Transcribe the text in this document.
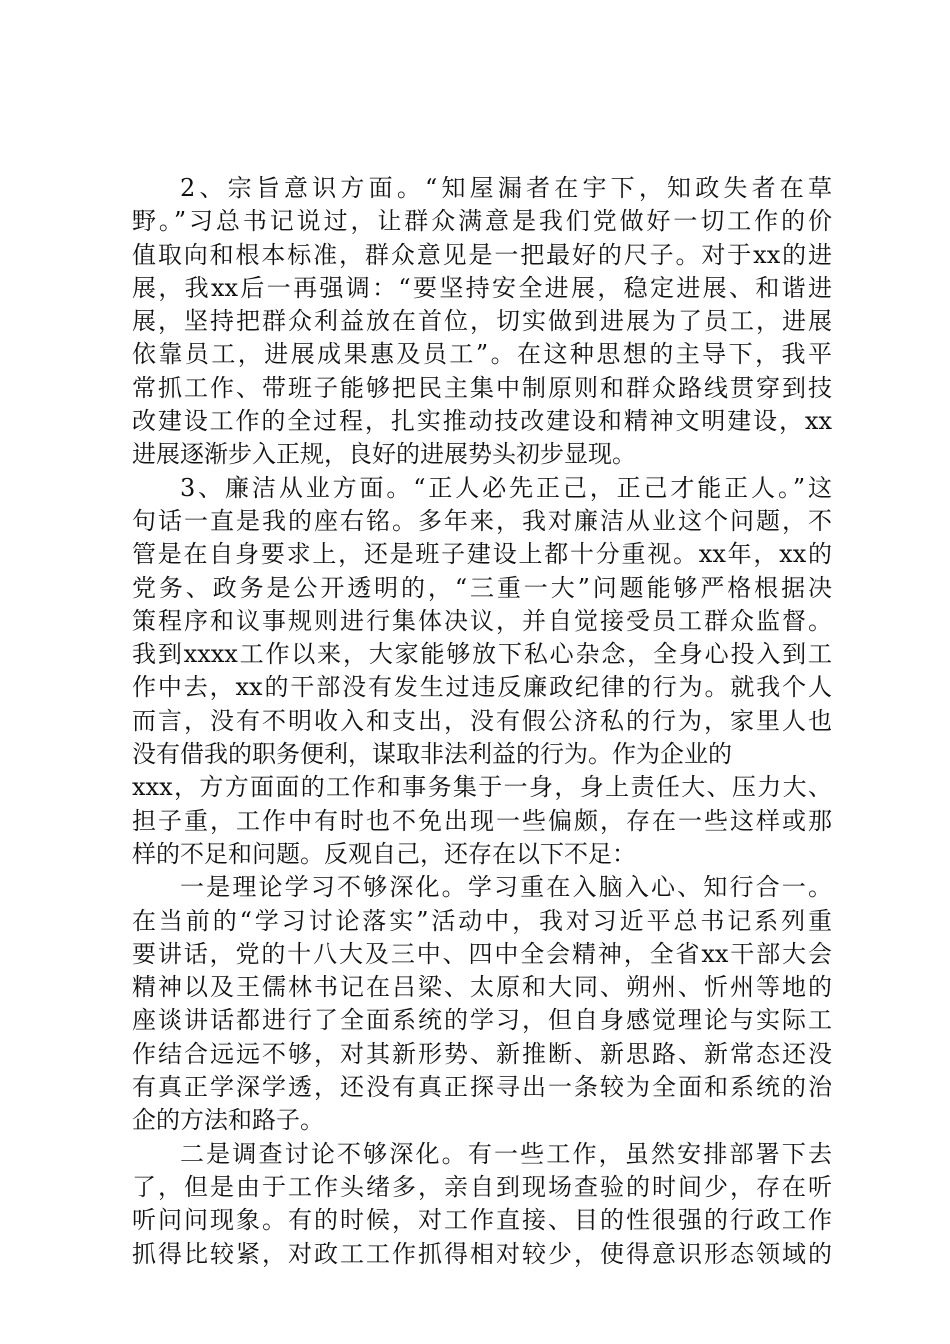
2、宗旨意识方面。“知屋漏者在宇下，知政失者在草
野。”习总书记说过，让群众满意是我们党做好一切工作的价
值取向和根本标准，群众意见是一把最好的尺子。对于xx的进
展，我xx后一再强调：“要坚持安全进展，稳定进展、和谐进
展，坚持把群众利益放在首位，切实做到进展为了员工，进展
依靠员工，进展成果惠及员工”。在这种思想的主导下，我平
常抓工作、带班子能够把民主集中制原则和群众路线贯穿到技
改建设工作的全过程，扎实推动技改建设和精神文明建设，xx
进展逐渐步入正规，良好的进展势头初步显现。
3、廉洁从业方面。“正人必先正己，正己才能正人。”这
句话一直是我的座右铭。多年来，我对廉洁从业这个问题，不
管是在自身要求上，还是班子建设上都十分重视。xx年，xx的
党务、政务是公开透明的，“三重一大”问题能够严格根据决
策程序和议事规则进行集体决议，并自觉接受员工群众监督。
我到xxxx工作以来，大家能够放下私心杂念，全身心投入到工
作中去，xx的干部没有发生过违反廉政纪律的行为。就我个人
而言，没有不明收入和支出，没有假公济私的行为，家里人也
没有借我的职务便利，谋取非法利益的行为。作为企业的
xxx，方方面面的工作和事务集于一身，身上责任大、压力大、
担子重，工作中有时也不免出现一些偏颇，存在一些这样或那
样的不足和问题。反观自己，还存在以下不足：
一是理论学习不够深化。学习重在入脑入心、知行合一。
在当前的“学习讨论落实”活动中，我对习近平总书记系列重
要讲话，党的十八大及三中、四中全会精神，全省xx干部大会
精神以及王儒林书记在吕梁、太原和大同、朔州、忻州等地的
座谈讲话都进行了全面系统的学习，但自身感觉理论与实际工
作结合远远不够，对其新形势、新推断、新思路、新常态还没
有真正学深学透，还没有真正探寻出一条较为全面和系统的治
企的方法和路子。
二是调查讨论不够深化。有一些工作，虽然安排部署下去
了，但是由于工作头绪多，亲自到现场查验的时间少，存在听
听问问现象。有的时候，对工作直接、目的性很强的行政工作
抓得比较紧，对政工工作抓得相对较少，使得意识形态领域的
